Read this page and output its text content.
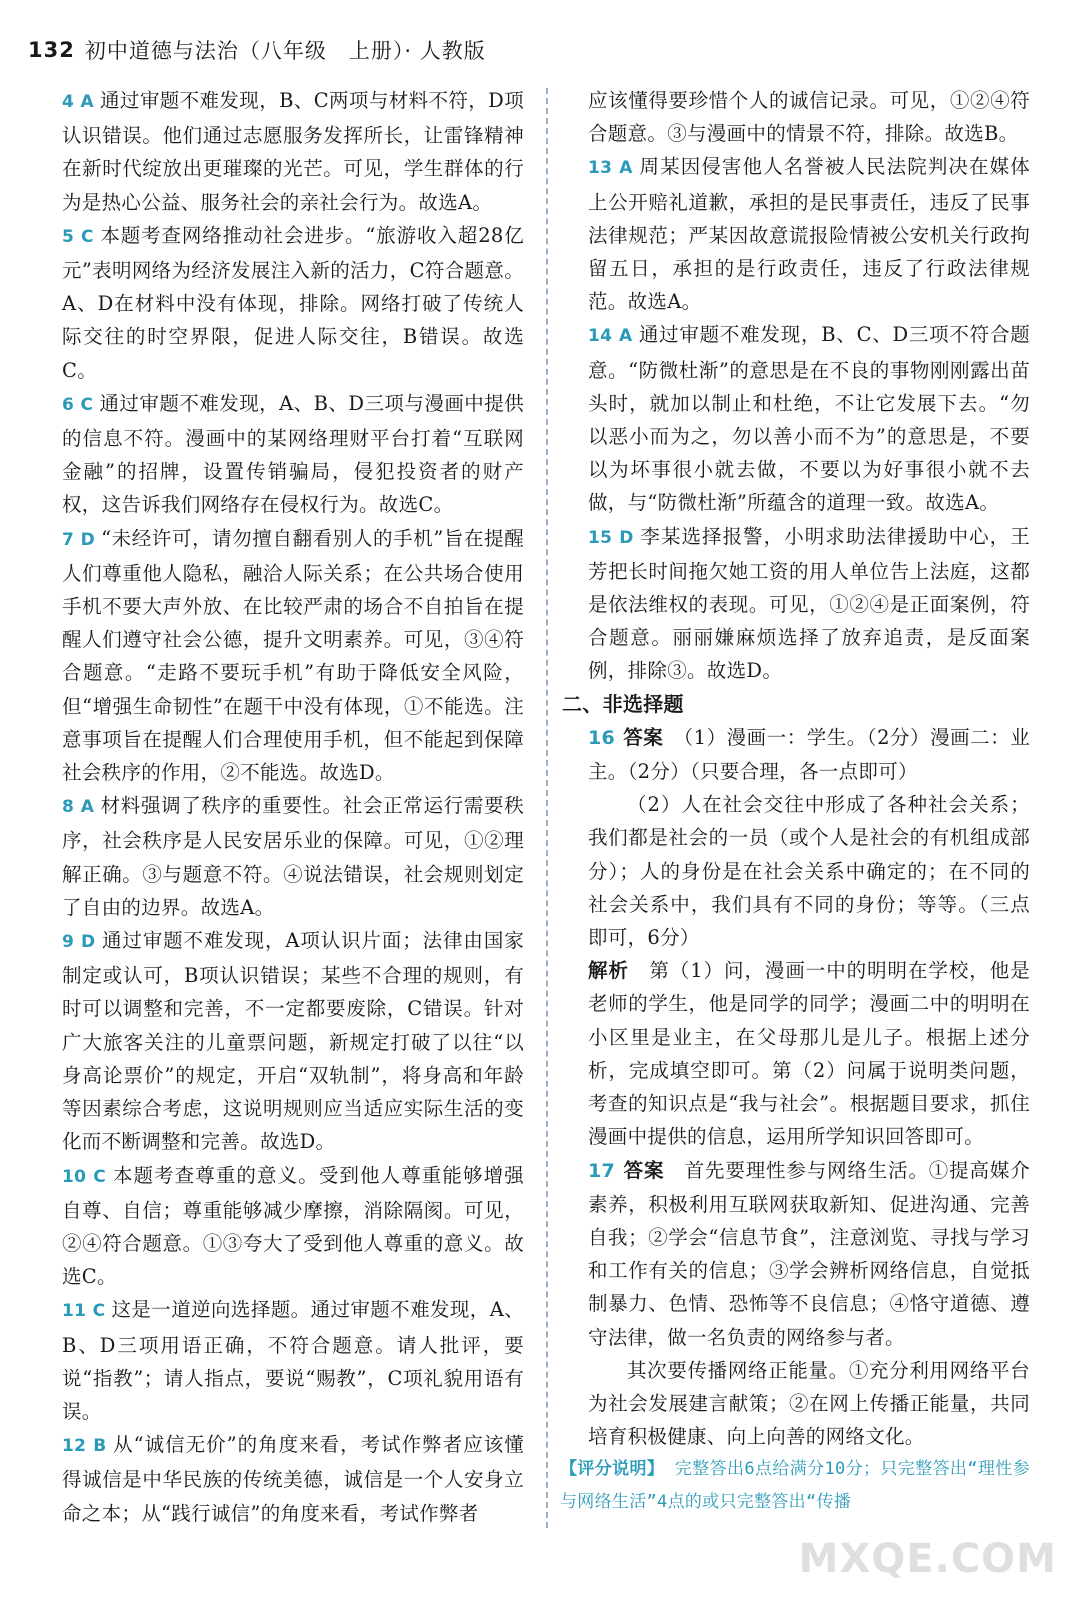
132 初中道德与法治（八年级　上册）· 人教版
4 A 通过审题不难发现，B、C两项与材料不符，D项认识错误。他们通过志愿服务发挥所长，让雷锋精神在新时代绽放出更璀璨的光芒。可见，学生群体的行为是热心公益、服务社会的亲社会行为。故选A。
5 C 本题考查网络推动社会进步。“旅游收入超28亿元”表明网络为经济发展注入新的活力，C符合题意。A、D在材料中没有体现，排除。网络打破了传统人际交往的时空界限，促进人际交往，B错误。故选C。
6 C 通过审题不难发现，A、B、D三项与漫画中提供的信息不符。漫画中的某网络理财平台打着“互联网金融”的招牌，设置传销骗局，侵犯投资者的财产权，这告诉我们网络存在侵权行为。故选C。
7 D “未经许可，请勿擅自翻看别人的手机”旨在提醒人们尊重他人隐私，融洽人际关系；在公共场合使用手机不要大声外放、在比较严肃的场合不自拍旨在提醒人们遵守社会公德，提升文明素养。可见，③④符合题意。“走路不要玩手机”有助于降低安全风险，但“增强生命韧性”在题干中没有体现，①不能选。注意事项旨在提醒人们合理使用手机，但不能起到保障社会秩序的作用，②不能选。故选D。
8 A 材料强调了秩序的重要性。社会正常运行需要秩序，社会秩序是人民安居乐业的保障。可见，①②理解正确。③与题意不符。④说法错误，社会规则划定了自由的边界。故选A。
9 D 通过审题不难发现，A项认识片面；法律由国家制定或认可，B项认识错误；某些不合理的规则，有时可以调整和完善，不一定都要废除，C错误。针对广大旅客关注的儿童票问题，新规定打破了以往“以身高论票价”的规定，开启“双轨制”，将身高和年龄等因素综合考虑，这说明规则应当适应实际生活的变化而不断调整和完善。故选D。
10 C 本题考查尊重的意义。受到他人尊重能够增强自尊、自信；尊重能够减少摩擦，消除隔阂。可见，②④符合题意。①③夸大了受到他人尊重的意义。故选C。
11 C 这是一道逆向选择题。通过审题不难发现，A、B、D三项用语正确，不符合题意。请人批评，要说“指教”；请人指点，要说“赐教”，C项礼貌用语有误。
12 B 从“诚信无价”的角度来看，考试作弊者应该懂得诚信是中华民族的传统美德，诚信是一个人安身立命之本；从“践行诚信”的角度来看，考试作弊者
应该懂得要珍惜个人的诚信记录。可见，①②④符合题意。③与漫画中的情景不符，排除。故选B。
13 A 周某因侵害他人名誉被人民法院判决在媒体上公开赔礼道歉，承担的是民事责任，违反了民事法律规范；严某因故意谎报险情被公安机关行政拘留五日，承担的是行政责任，违反了行政法律规范。故选A。
14 A 通过审题不难发现，B、C、D三项不符合题意。“防微杜渐”的意思是在不良的事物刚刚露出苗头时，就加以制止和杜绝，不让它发展下去。“勿以恶小而为之，勿以善小而不为”的意思是，不要以为坏事很小就去做，不要以为好事很小就不去做，与“防微杜渐”所蕴含的道理一致。故选A。
15 D 李某选择报警，小明求助法律援助中心，王芳把长时间拖欠她工资的用人单位告上法庭，这都是依法维权的表现。可见，①②④是正面案例，符合题意。丽丽嫌麻烦选择了放弃追责，是反面案例，排除③。故选D。
二、非选择题
16 答案　 （1）漫画一：学生。（2分）漫画二：业主。（2分）（只要合理，各一点即可）
（2）人在社会交往中形成了各种社会关系；我们都是社会的一员（或个人是社会的有机组成部分）；人的身份是在社会关系中确定的；在不同的社会关系中，我们具有不同的身份；等等。（三点即可，6分）
解析　 第（1）问，漫画一中的明明在学校，他是老师的学生，他是同学的同学；漫画二中的明明在小区里是业主，在父母那儿是儿子。根据上述分析，完成填空即可。第（2）问属于说明类问题，考查的知识点是“我与社会”。根据题目要求，抓住漫画中提供的信息，运用所学知识回答即可。
17 答案　 首先要理性参与网络生活。①提高媒介素养，积极利用互联网获取新知、促进沟通、完善自我；②学会“信息节食”，注意浏览、寻找与学习和工作有关的信息；③学会辨析网络信息，自觉抵制暴力、色情、恐怖等不良信息；④恪守道德、遵守法律，做一名负责的网络参与者。
其次要传播网络正能量。①充分利用网络平台为社会发展建言献策；②在网上传播正能量，共同培育积极健康、向上向善的网络文化。
【评分说明】 完整答出6点给满分10分；只完整答出“理性参与网络生活”4点的或只完整答出“传播
MXQE.COM
